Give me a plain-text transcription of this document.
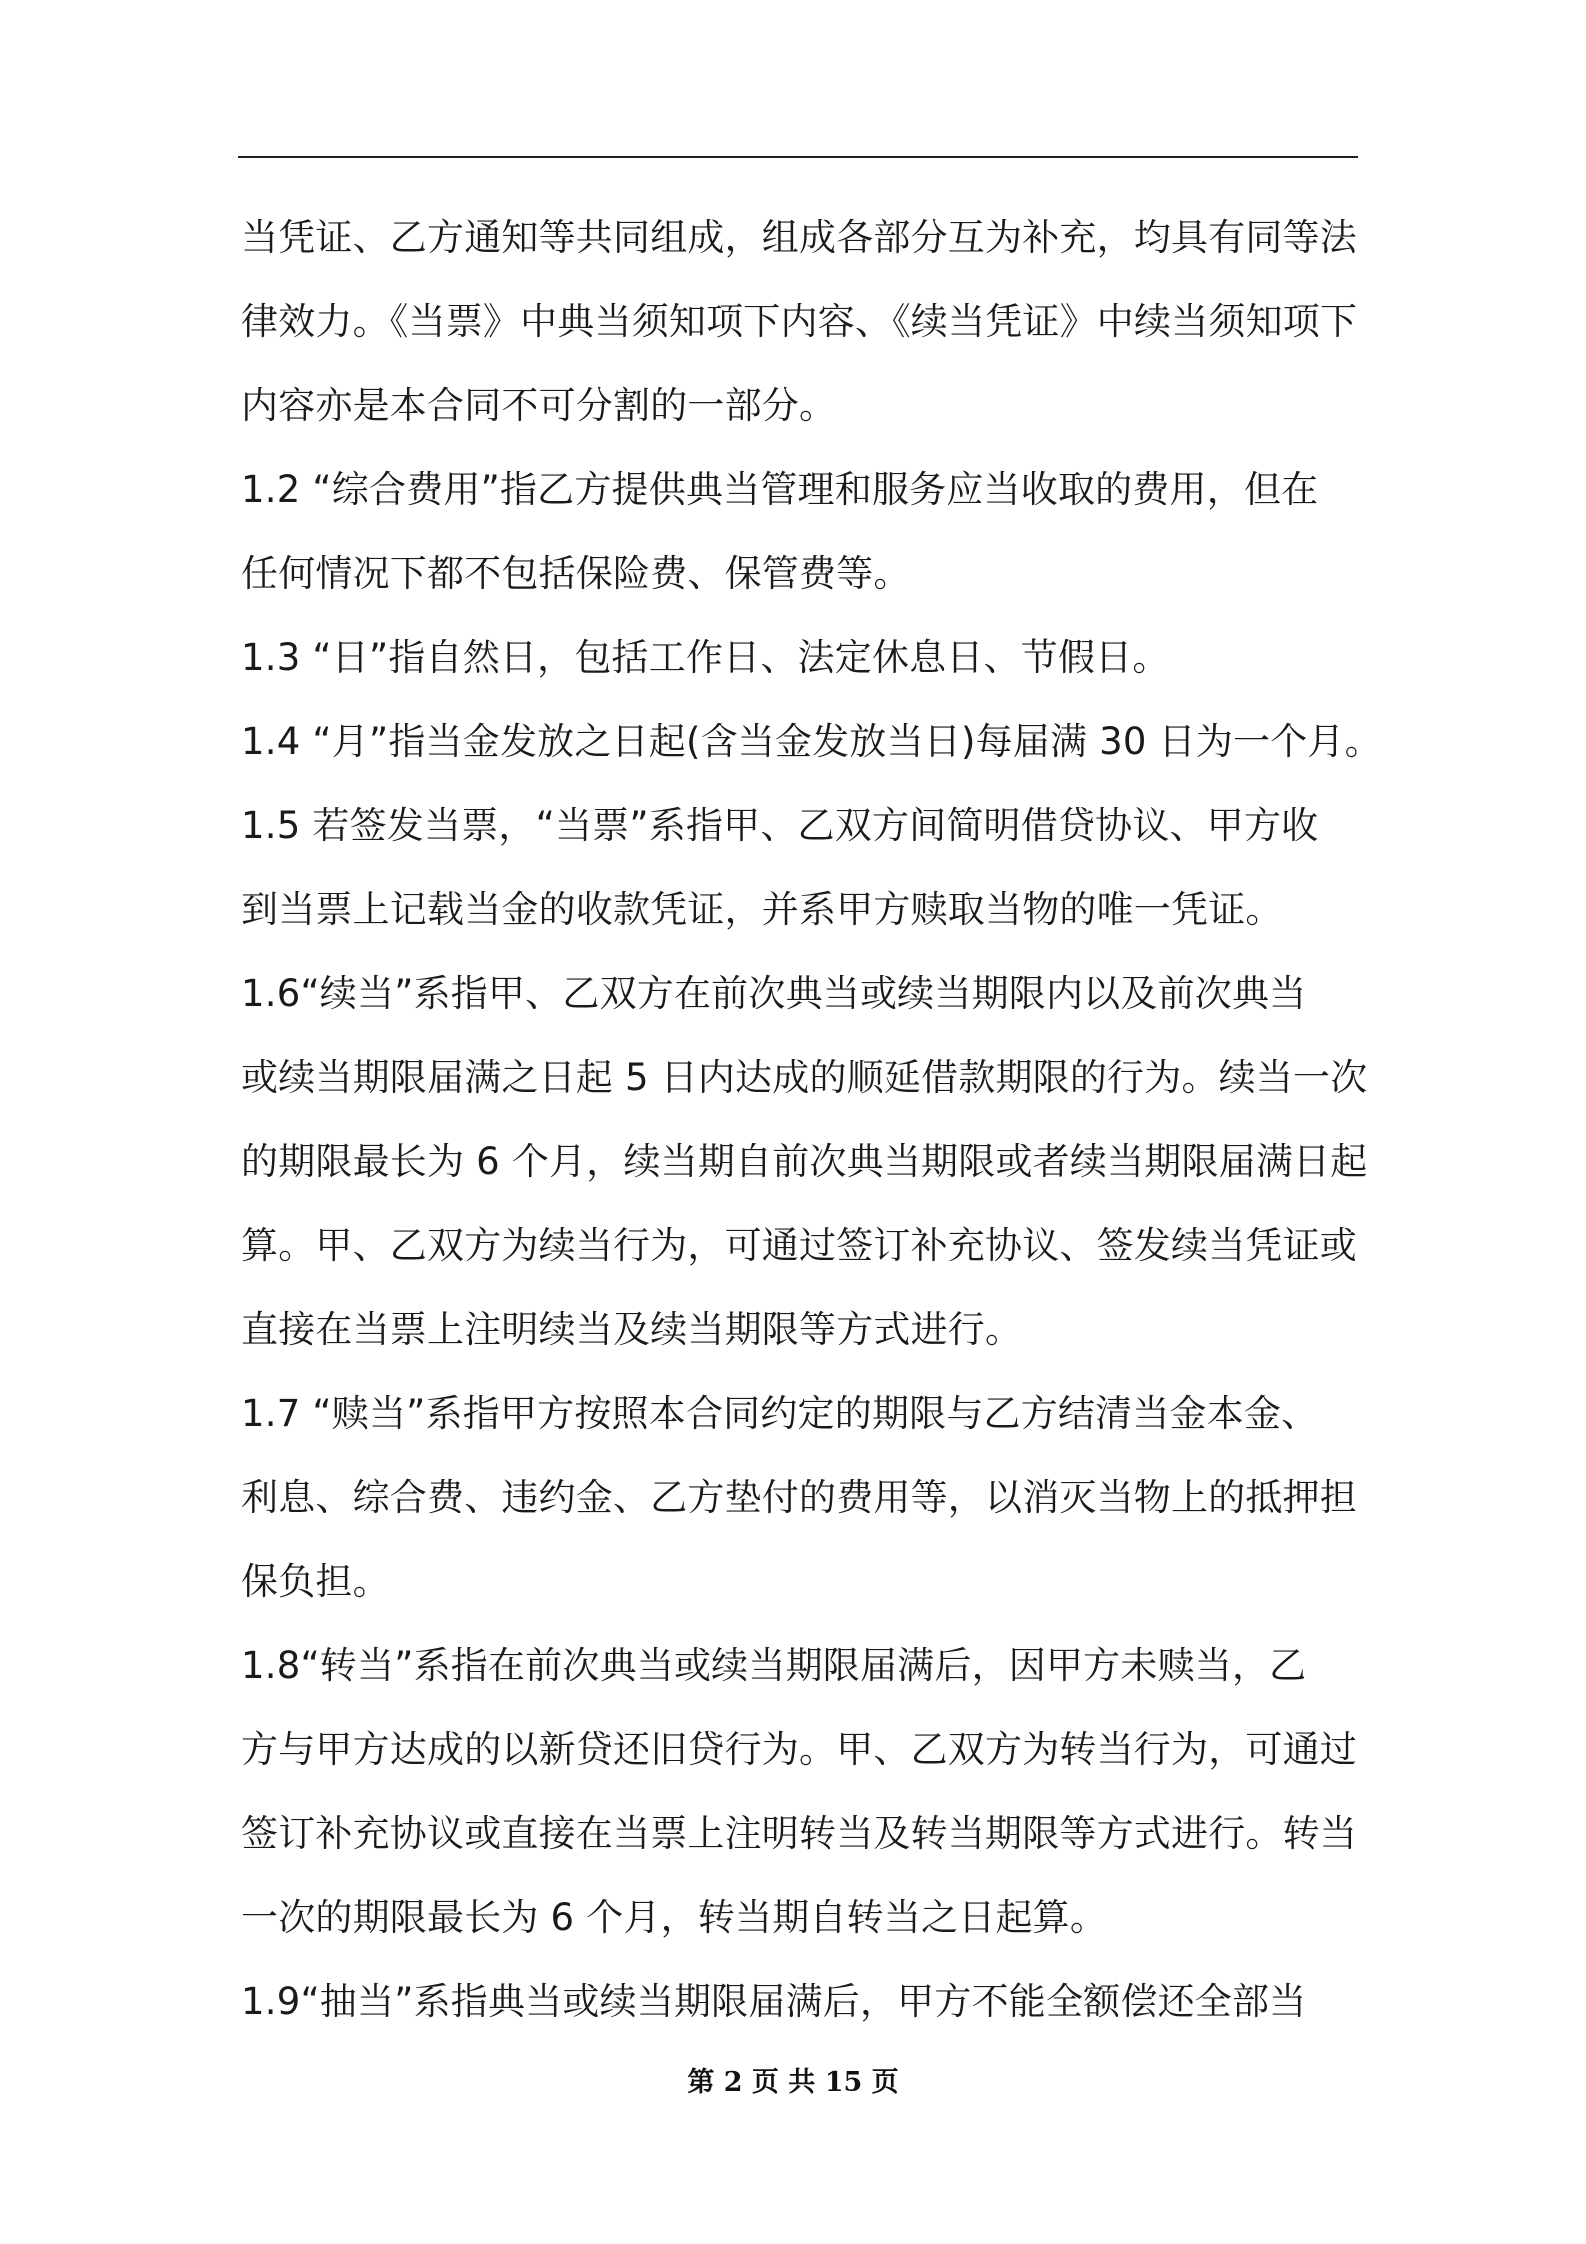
当凭证、乙方通知等共同组成，组成各部分互为补充，均具有同等法
律效力。《当票》中典当须知项下内容、《续当凭证》中续当须知项下
内容亦是本合同不可分割的一部分。
1.2 “综合费用”指乙方提供典当管理和服务应当收取的费用，但在
任何情况下都不包括保险费、保管费等。
1.3 “日”指自然日，包括工作日、法定休息日、节假日。
1.4 “月”指当金发放之日起(含当金发放当日)每届满 30 日为一个月。
1.5 若签发当票，“当票”系指甲、乙双方间简明借贷协议、甲方收
到当票上记载当金的收款凭证，并系甲方赎取当物的唯一凭证。
1.6“续当”系指甲、乙双方在前次典当或续当期限内以及前次典当
或续当期限届满之日起 5 日内达成的顺延借款期限的行为。续当一次
的期限最长为 6 个月，续当期自前次典当期限或者续当期限届满日起
算。甲、乙双方为续当行为，可通过签订补充协议、签发续当凭证或
直接在当票上注明续当及续当期限等方式进行。
1.7 “赎当”系指甲方按照本合同约定的期限与乙方结清当金本金、
利息、综合费、违约金、乙方垫付的费用等，以消灭当物上的抵押担
保负担。
1.8“转当”系指在前次典当或续当期限届满后，因甲方未赎当，乙
方与甲方达成的以新贷还旧贷行为。甲、乙双方为转当行为，可通过
签订补充协议或直接在当票上注明转当及转当期限等方式进行。转当
一次的期限最长为 6 个月，转当期自转当之日起算。
1.9“抽当”系指典当或续当期限届满后，甲方不能全额偿还全部当
第 2 页 共 15 页
